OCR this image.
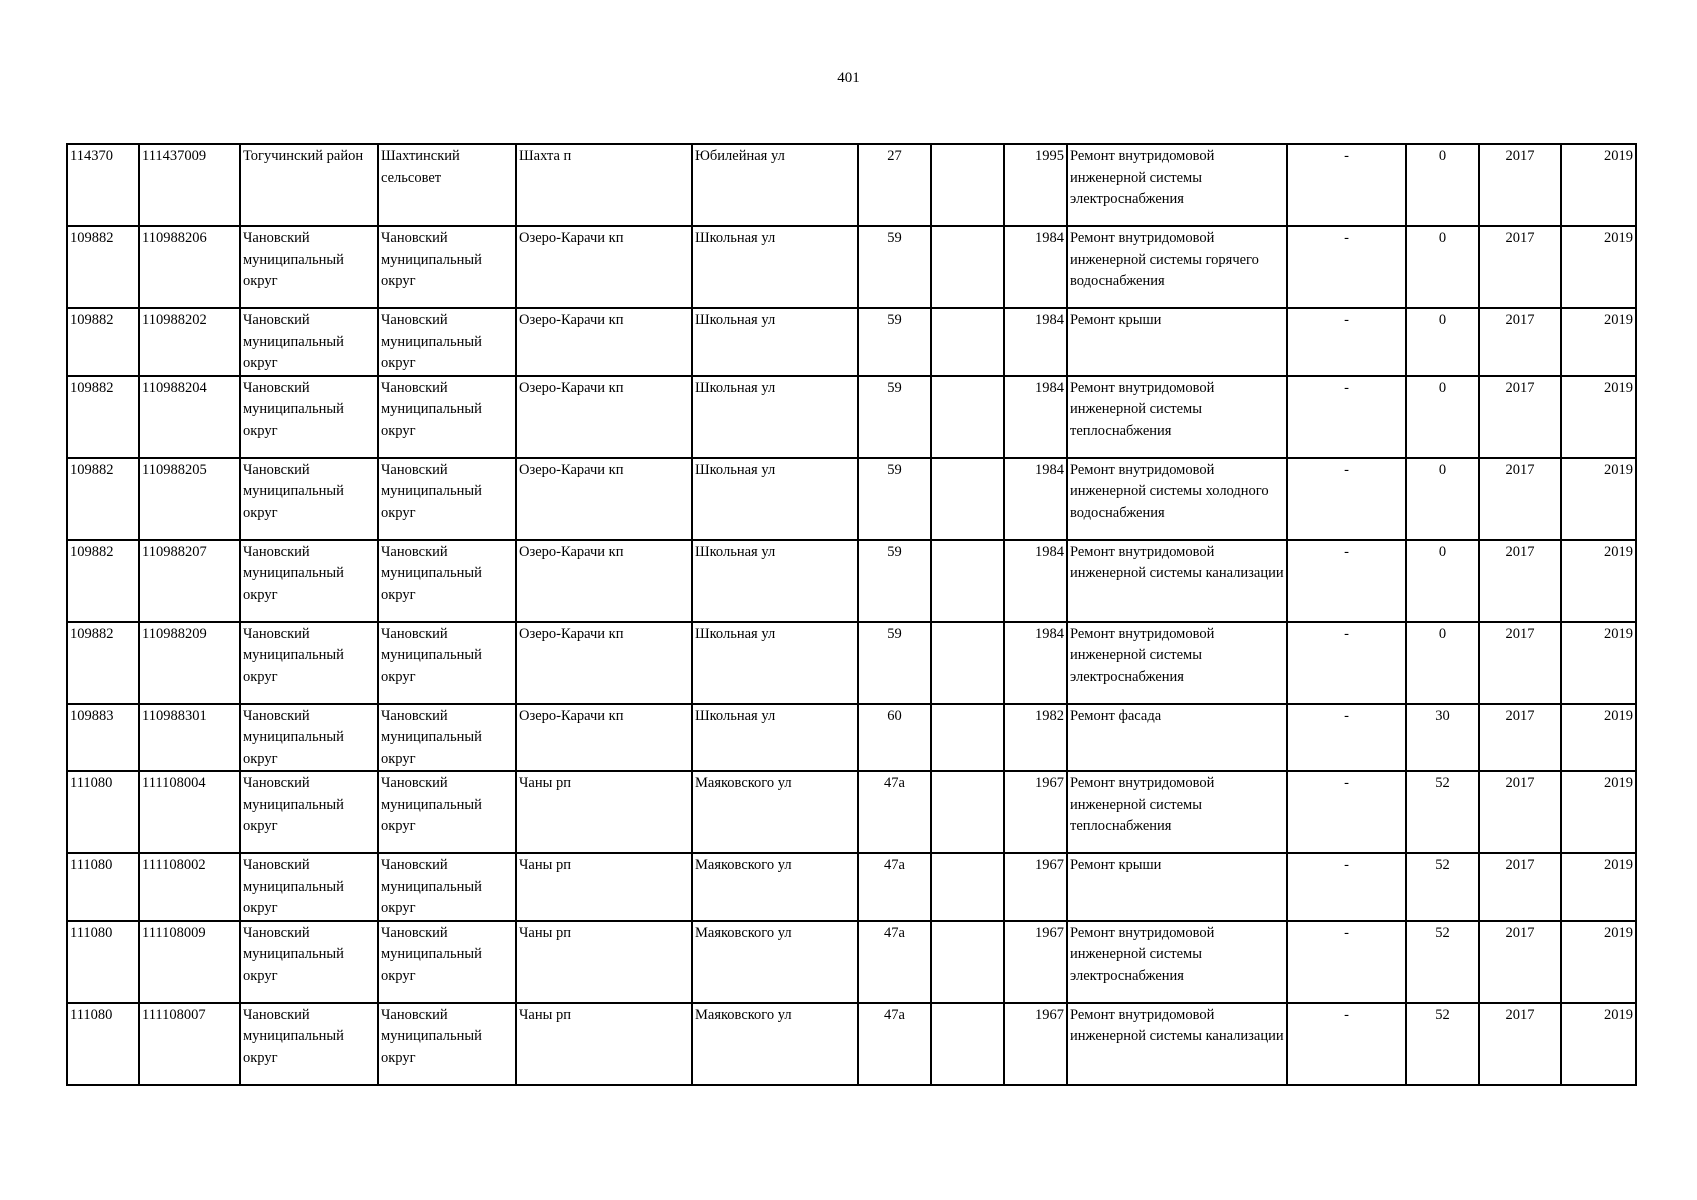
401
114370	111437009	Тогучинский район	Шахтинский сельсовет	Шахта п	Юбилейная ул	27		1995	Ремонт внутридомовой инженерной системы электроснабжения	-	0	2017	2019
109882	110988206	Чановский муниципальный округ	Чановский муниципальный округ	Озеро-Карачи кп	Школьная ул	59		1984	Ремонт внутридомовой инженерной системы горячего водоснабжения	-	0	2017	2019
109882	110988202	Чановский муниципальный округ	Чановский муниципальный округ	Озеро-Карачи кп	Школьная ул	59		1984	Ремонт крыши	-	0	2017	2019
109882	110988204	Чановский муниципальный округ	Чановский муниципальный округ	Озеро-Карачи кп	Школьная ул	59		1984	Ремонт внутридомовой инженерной системы теплоснабжения	-	0	2017	2019
109882	110988205	Чановский муниципальный округ	Чановский муниципальный округ	Озеро-Карачи кп	Школьная ул	59		1984	Ремонт внутридомовой инженерной системы холодного водоснабжения	-	0	2017	2019
109882	110988207	Чановский муниципальный округ	Чановский муниципальный округ	Озеро-Карачи кп	Школьная ул	59		1984	Ремонт внутридомовой инженерной системы канализации	-	0	2017	2019
109882	110988209	Чановский муниципальный округ	Чановский муниципальный округ	Озеро-Карачи кп	Школьная ул	59		1984	Ремонт внутридомовой инженерной системы электроснабжения	-	0	2017	2019
109883	110988301	Чановский муниципальный округ	Чановский муниципальный округ	Озеро-Карачи кп	Школьная ул	60		1982	Ремонт фасада	-	30	2017	2019
111080	111108004	Чановский муниципальный округ	Чановский муниципальный округ	Чаны рп	Маяковского ул	47а		1967	Ремонт внутридомовой инженерной системы теплоснабжения	-	52	2017	2019
111080	111108002	Чановский муниципальный округ	Чановский муниципальный округ	Чаны рп	Маяковского ул	47а		1967	Ремонт крыши	-	52	2017	2019
111080	111108009	Чановский муниципальный округ	Чановский муниципальный округ	Чаны рп	Маяковского ул	47а		1967	Ремонт внутридомовой инженерной системы электроснабжения	-	52	2017	2019
111080	111108007	Чановский муниципальный округ	Чановский муниципальный округ	Чаны рп	Маяковского ул	47а		1967	Ремонт внутридомовой инженерной системы канализации	-	52	2017	2019
